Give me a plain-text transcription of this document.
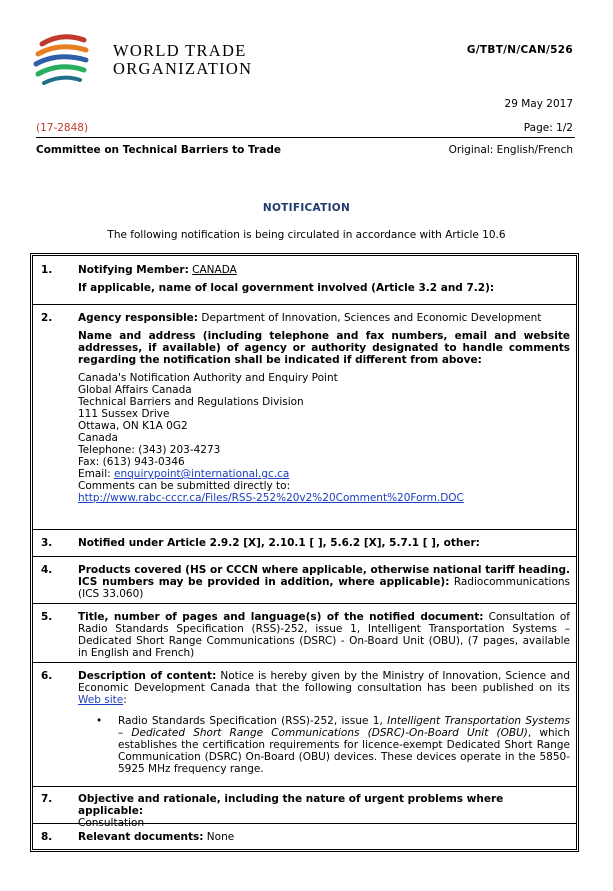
WORLD TRADE
ORGANIZATION
G/TBT/N/CAN/526
29 May 2017
(17-2848)	Page: 1/2
Committee on Technical Barriers to Trade	Original: English/French
NOTIFICATION
The following notification is being circulated in accordance with Article 10.6
1.	Notifying Member: CANADA
If applicable, name of local government involved (Article 3.2 and 7.2):
2.	Agency responsible: Department of Innovation, Sciences and Economic Development
Name and address (including telephone and fax numbers, email and website addresses, if available) of agency or authority designated to handle comments regarding the notification shall be indicated if different from above:
Canada's Notification Authority and Enquiry Point
Global Affairs Canada
Technical Barriers and Regulations Division
111 Sussex Drive
Ottawa, ON K1A 0G2
Canada
Telephone: (343) 203-4273
Fax: (613) 943-0346
Email: enquirypoint@international.gc.ca
Comments can be submitted directly to:
http://www.rabc-cccr.ca/Files/RSS-252%20v2%20Comment%20Form.DOC
3.	Notified under Article 2.9.2 [X], 2.10.1 [ ], 5.6.2 [X], 5.7.1 [ ], other:
4.	Products covered (HS or CCCN where applicable, otherwise national tariff heading. ICS numbers may be provided in addition, where applicable): Radiocommunications (ICS 33.060)
5.	Title, number of pages and language(s) of the notified document: Consultation of Radio Standards Specification (RSS)-252, issue 1, Intelligent Transportation Systems – Dedicated Short Range Communications (DSRC) - On-Board Unit (OBU), (7 pages, available in English and French)
6.	Description of content: Notice is hereby given by the Ministry of Innovation, Science and Economic Development Canada that the following consultation has been published on its Web site:
•	Radio Standards Specification (RSS)-252, issue 1, Intelligent Transportation Systems – Dedicated Short Range Communications (DSRC)-On-Board Unit (OBU), which establishes the certification requirements for licence-exempt Dedicated Short Range Communication (DSRC) On-Board (OBU) devices. These devices operate in the 5850-5925 MHz frequency range.
7.	Objective and rationale, including the nature of urgent problems where applicable:
Consultation
8.	Relevant documents: None
